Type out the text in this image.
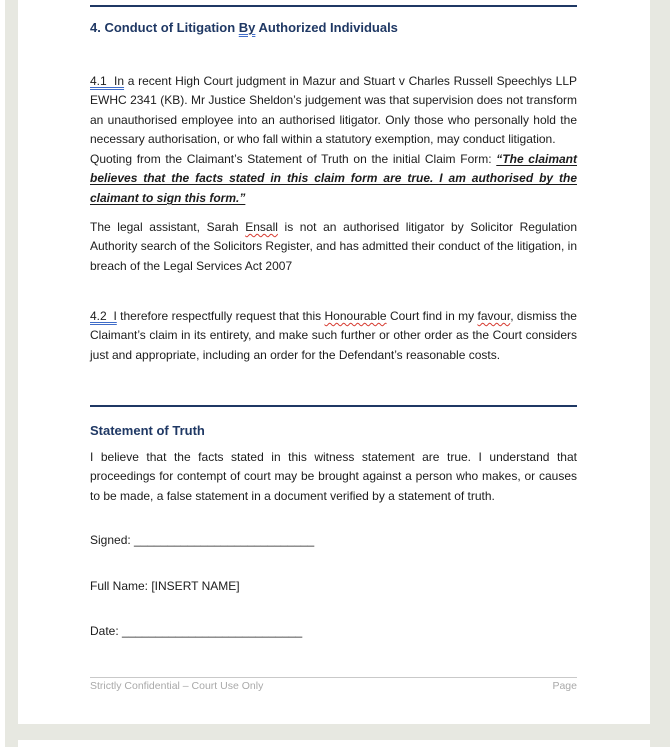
4. Conduct of Litigation By Authorized Individuals
4.1  In a recent High Court judgment in Mazur and Stuart v Charles Russell Speechlys LLP EWHC 2341 (KB). Mr Justice Sheldon’s judgement was that supervision does not transform an unauthorised employee into an authorised litigator. Only those who personally hold the necessary authorisation, or who fall within a statutory exemption, may conduct litigation.
Quoting from the Claimant’s Statement of Truth on the initial Claim Form: “The claimant believes that the facts stated in this claim form are true. I am authorised by the claimant to sign this form.”
The legal assistant, Sarah Ensall is not an authorised litigator by Solicitor Regulation Authority search of the Solicitors Register, and has admitted their conduct of the litigation, in breach of the Legal Services Act 2007
4.2  I therefore respectfully request that this Honourable Court find in my favour, dismiss the Claimant’s claim in its entirety, and make such further or other order as the Court considers just and appropriate, including an order for the Defendant’s reasonable costs.
Statement of Truth
I believe that the facts stated in this witness statement are true. I understand that proceedings for contempt of court may be brought against a person who makes, or causes to be made, a false statement in a document verified by a statement of truth.
Signed: ___________________________
Full Name: [INSERT NAME]
Date: ___________________________
Strictly Confidential – Court Use Only	Page
